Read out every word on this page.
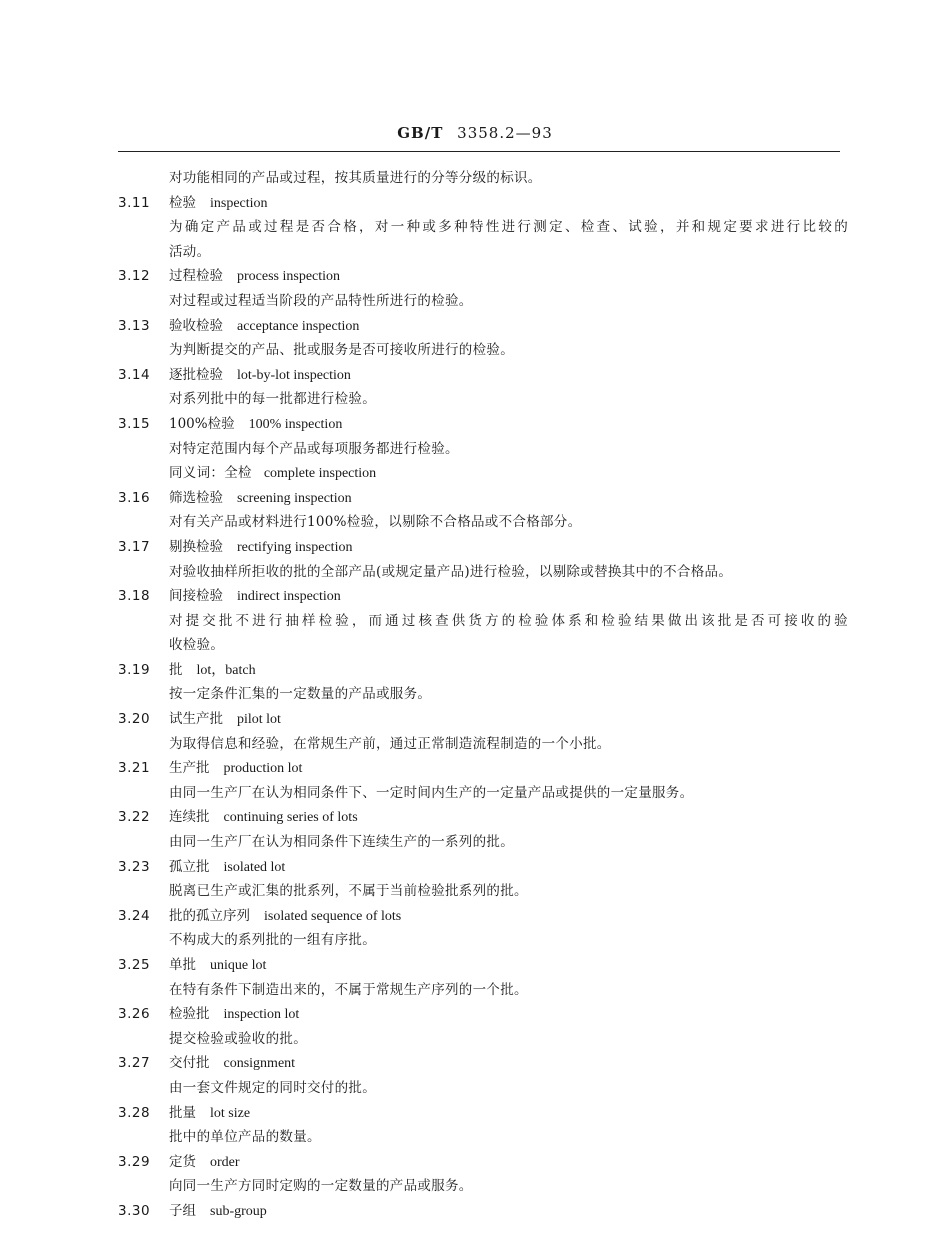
GB/T 3358.2—93
对功能相同的产品或过程，按其质量进行的分等分级的标识。
3.11 检验 inspection
为确定产品或过程是否合格，对一种或多种特性进行测定、检查、试验，并和规定要求进行比较的
活动。
3.12 过程检验 process inspection
对过程或过程适当阶段的产品特性所进行的检验。
3.13 验收检验 acceptance inspection
为判断提交的产品、批或服务是否可接收所进行的检验。
3.14 逐批检验 lot-by-lot inspection
对系列批中的每一批都进行检验。
3.15 100%检验 100% inspection
对特定范围内每个产品或每项服务都进行检验。
同义词：全检 complete inspection
3.16 筛选检验 screening inspection
对有关产品或材料进行100%检验，以剔除不合格品或不合格部分。
3.17 剔换检验 rectifying inspection
对验收抽样所拒收的批的全部产品(或规定量产品)进行检验，以剔除或替换其中的不合格品。
3.18 间接检验 indirect inspection
对提交批不进行抽样检验，而通过核查供货方的检验体系和检验结果做出该批是否可接收的验
收检验。
3.19 批 lot，batch
按一定条件汇集的一定数量的产品或服务。
3.20 试生产批 pilot lot
为取得信息和经验，在常规生产前，通过正常制造流程制造的一个小批。
3.21 生产批 production lot
由同一生产厂在认为相同条件下、一定时间内生产的一定量产品或提供的一定量服务。
3.22 连续批 continuing series of lots
由同一生产厂在认为相同条件下连续生产的一系列的批。
3.23 孤立批 isolated lot
脱离已生产或汇集的批系列，不属于当前检验批系列的批。
3.24 批的孤立序列 isolated sequence of lots
不构成大的系列批的一组有序批。
3.25 单批 unique lot
在特有条件下制造出来的，不属于常规生产序列的一个批。
3.26 检验批 inspection lot
提交检验或验收的批。
3.27 交付批 consignment
由一套文件规定的同时交付的批。
3.28 批量 lot size
批中的单位产品的数量。
3.29 定货 order
向同一生产方同时定购的一定数量的产品或服务。
3.30 子组 sub-group
